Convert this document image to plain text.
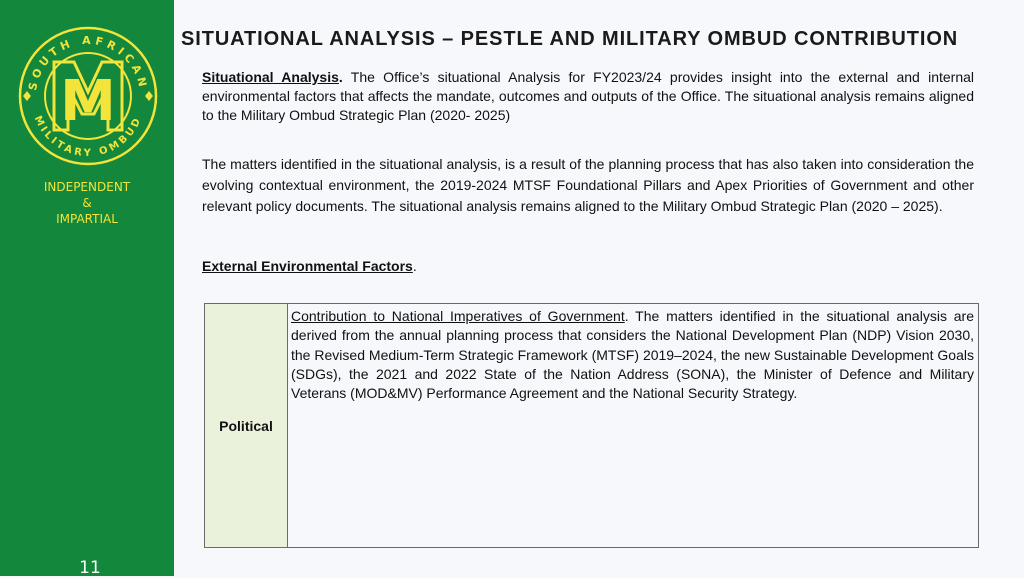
SOUTH AFRICAN
MILITARY OMBUD
M
INDEPENDENT
&
IMPARTIAL
11
SITUATIONAL ANALYSIS – PESTLE AND MILITARY OMBUD CONTRIBUTION
Situational Analysis. The Office’s situational Analysis for FY2023/24 provides insight into the external and internal environmental factors that affects the mandate, outcomes and outputs of the Office. The situational analysis remains aligned to the Military Ombud Strategic Plan (2020- 2025)
The matters identified in the situational analysis, is a result of the planning process that has also taken into consideration the evolving contextual environment, the 2019-2024 MTSF Foundational Pillars and Apex Priorities of Government and other relevant policy documents. The situational analysis remains aligned to the Military Ombud Strategic Plan (2020 – 2025).
External Environmental Factors.
Political
Contribution to National Imperatives of Government. The matters identified in the situational analysis are derived from the annual planning process that considers the National Development Plan (NDP) Vision 2030, the Revised Medium-Term Strategic Framework (MTSF) 2019–2024, the new Sustainable Development Goals (SDGs), the 2021 and 2022 State of the Nation Address (SONA), the Minister of Defence and Military Veterans (MOD&MV) Performance Agreement and the National Security Strategy.
